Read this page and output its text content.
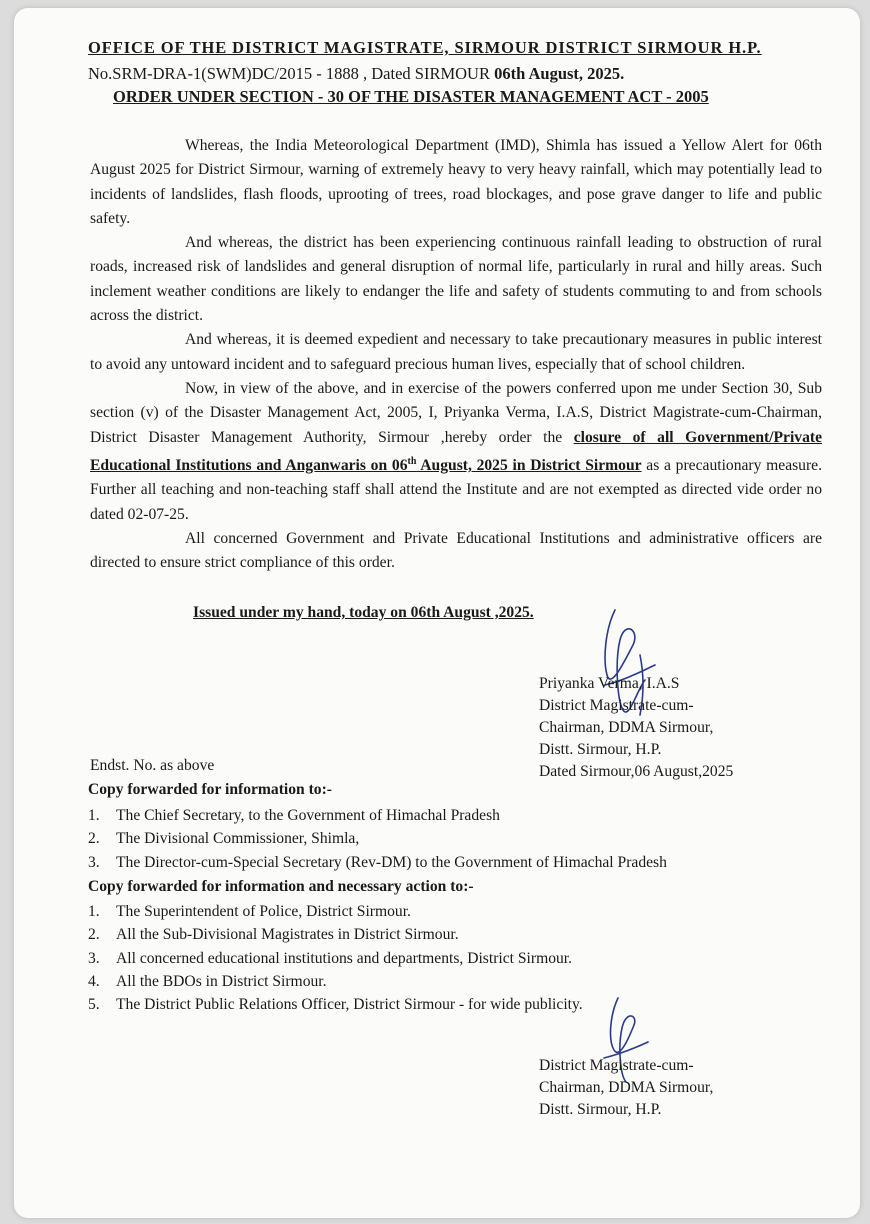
OFFICE OF THE DISTRICT MAGISTRATE, SIRMOUR DISTRICT SIRMOUR H.P.
No.SRM-DRA-1(SWM)DC/2015 - 1888 , Dated SIRMOUR 06th August, 2025.
ORDER UNDER SECTION - 30 OF THE DISASTER MANAGEMENT ACT - 2005

Whereas, the India Meteorological Department (IMD), Shimla has issued a Yellow Alert for 06th August 2025 for District Sirmour, warning of extremely heavy to very heavy rainfall, which may potentially lead to incidents of landslides, flash floods, uprooting of trees, road blockages, and pose grave danger to life and public safety.

And whereas, the district has been experiencing continuous rainfall leading to obstruction of rural roads, increased risk of landslides and general disruption of normal life, particularly in rural and hilly areas. Such inclement weather conditions are likely to endanger the life and safety of students commuting to and from schools across the district.

And whereas, it is deemed expedient and necessary to take precautionary measures in public interest to avoid any untoward incident and to safeguard precious human lives, especially that of school children.

Now, in view of the above, and in exercise of the powers conferred upon me under Section 30, Sub section (v) of the Disaster Management Act, 2005, I, Priyanka Verma, I.A.S, District Magistrate-cum-Chairman, District Disaster Management Authority, Sirmour ,hereby order the closure of all Government/Private Educational Institutions and Anganwaris on 06th August, 2025 in District Sirmour as a precautionary measure. Further all teaching and non-teaching staff shall attend the Institute and are not exempted as directed vide order no dated 02-07-25.

All concerned Government and Private Educational Institutions and administrative officers are directed to ensure strict compliance of this order.

Issued under my hand, today on 06th August ,2025.
Priyanka Verma, I.A.S
District Magistrate-cum-
Chairman, DDMA Sirmour,
Distt. Sirmour, H.P.
Dated Sirmour,06 August,2025
Endst. No. as above
Copy forwarded for information to:-
1. The Chief Secretary, to the Government of Himachal Pradesh
2. The Divisional Commissioner, Shimla,
3. The Director-cum-Special Secretary (Rev-DM) to the Government of Himachal Pradesh
Copy forwarded for information and necessary action to:-
1. The Superintendent of Police, District Sirmour.
2. All the Sub-Divisional Magistrates in District Sirmour.
3. All concerned educational institutions and departments, District Sirmour.
4. All the BDOs in District Sirmour.
5. The District Public Relations Officer, District Sirmour - for wide publicity.
District Magistrate-cum-
Chairman, DDMA Sirmour,
Distt. Sirmour, H.P.
